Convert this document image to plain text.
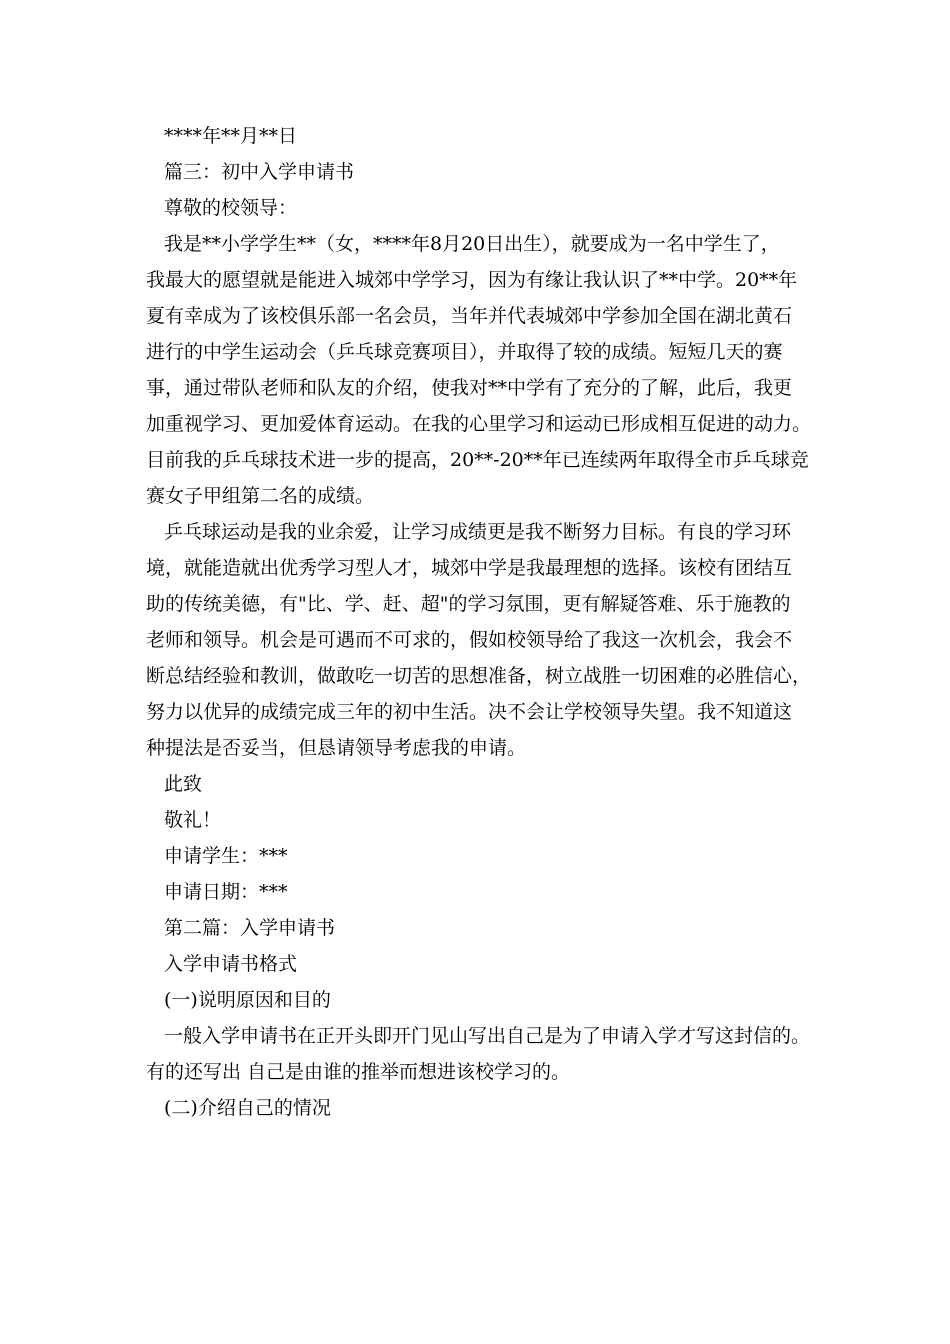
****年**月**日

篇三：初中入学申请书

尊敬的校领导：

我是**小学学生**（女，****年8月20日出生），就要成为一名中学生了，
我最大的愿望就是能进入城郊中学学习，因为有缘让我认识了**中学。20**年
夏有幸成为了该校俱乐部一名会员，当年并代表城郊中学参加全国在湖北黄石
进行的中学生运动会（乒乓球竞赛项目），并取得了较的成绩。短短几天的赛
事，通过带队老师和队友的介绍，使我对**中学有了充分的了解，此后，我更
加重视学习、更加爱体育运动。在我的心里学习和运动已形成相互促进的动力。
目前我的乒乓球技术进一步的提高，20**-20**年已连续两年取得全市乒乓球竞
赛女子甲组第二名的成绩。
乒乓球运动是我的业余爱，让学习成绩更是我不断努力目标。有良的学习环
境，就能造就出优秀学习型人才，城郊中学是我最理想的选择。该校有团结互
助的传统美德，有"比、学、赶、超"的学习氛围，更有解疑答难、乐于施教的
老师和领导。机会是可遇而不可求的，假如校领导给了我这一次机会，我会不
断总结经验和教训，做敢吃一切苦的思想准备，树立战胜一切困难的必胜信心，
努力以优异的成绩完成三年的初中生活。决不会让学校领导失望。我不知道这
种提法是否妥当，但恳请领导考虑我的申请。

此致

敬礼！

申请学生：***

申请日期：***

第二篇：入学申请书

入学申请书格式

(一)说明原因和目的

一般入学申请书在正开头即开门见山写出自己是为了申请入学才写这封信的。
有的还写出 自己是由谁的推举而想进该校学习的。

(二)介绍自己的情况
